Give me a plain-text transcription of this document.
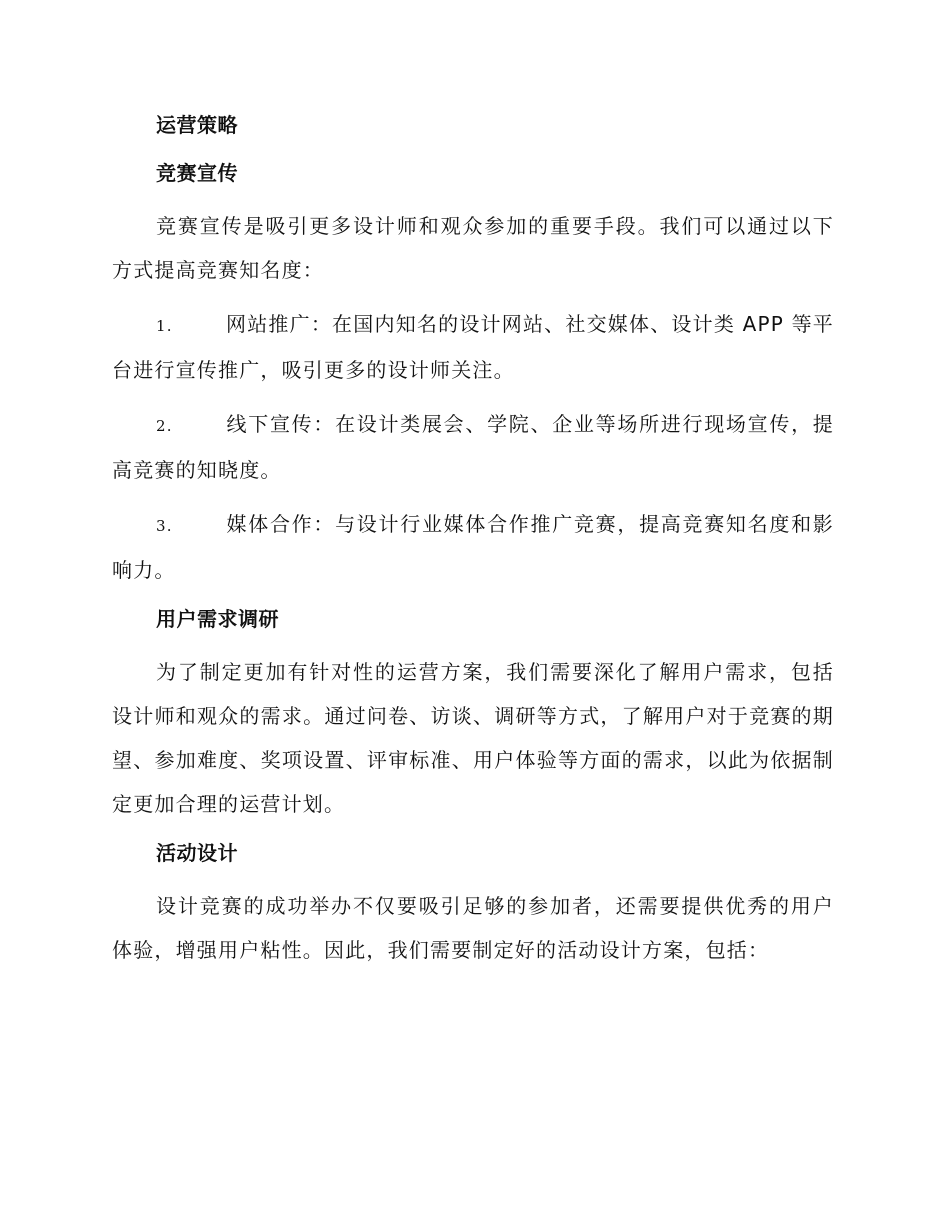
运营策略
竞赛宣传
竞赛宣传是吸引更多设计师和观众参加的重要手段。我们可以通过以下方式提高竞赛知名度：
1.	网站推广：在国内知名的设计网站、社交媒体、设计类 APP 等平台进行宣传推广，吸引更多的设计师关注。
2.	线下宣传：在设计类展会、学院、企业等场所进行现场宣传，提高竞赛的知晓度。
3.	媒体合作：与设计行业媒体合作推广竞赛，提高竞赛知名度和影响力。
用户需求调研
为了制定更加有针对性的运营方案，我们需要深化了解用户需求，包括设计师和观众的需求。通过问卷、访谈、调研等方式，了解用户对于竞赛的期望、参加难度、奖项设置、评审标准、用户体验等方面的需求，以此为依据制定更加合理的运营计划。
活动设计
设计竞赛的成功举办不仅要吸引足够的参加者，还需要提供优秀的用户体验，增强用户粘性。因此，我们需要制定好的活动设计方案，包括：
